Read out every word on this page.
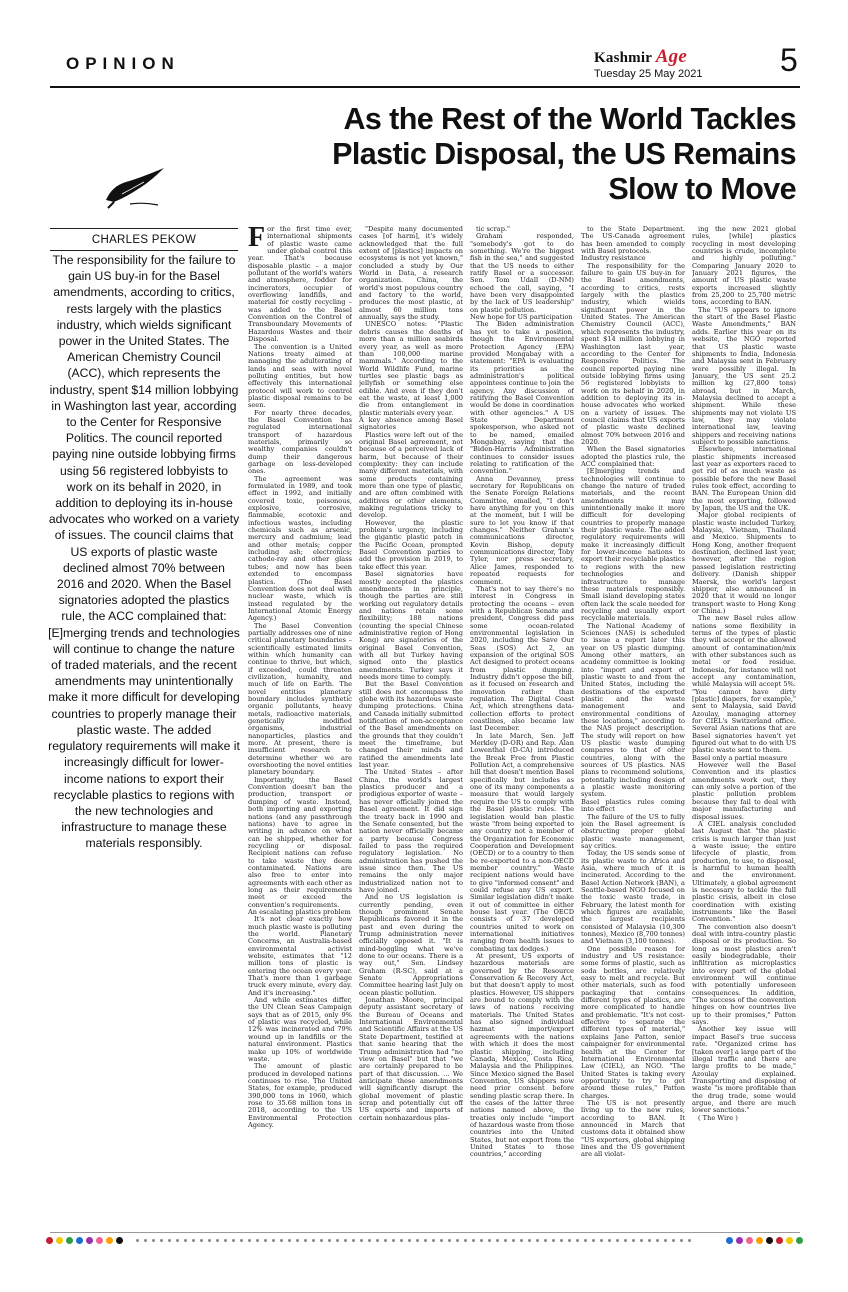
OPINION	Kashmir Age
Tuesday 25 May 2021 5
As the Rest of the World Tackles Plastic Disposal, the US Remains Slow to Move
CHARLES PEKOW
The responsibility for the failure to gain US buy-in for the Basel amendments, according to critics, rests largely with the plastics industry, which wields significant power in the United States. The American Chemistry Council (ACC), which represents the industry, spent $14 million lobbying in Washington last year, according to the Center for Responsive Politics. The council reported paying nine outside lobbying firms using 56 registered lobbyists to work on its behalf in 2020, in addition to deploying its in-house advocates who worked on a variety of issues. The council claims that US exports of plastic waste declined almost 70% between 2016 and 2020. When the Basel signatories adopted the plastics rule, the ACC complained that: [E]merging trends and technologies will continue to change the nature of traded materials, and the recent amendments may unintentionally make it more difficult for developing countries to properly manage their plastic waste. The added regulatory requirements will make it increasingly difficult for lower-income nations to export their recyclable plastics to regions with the new technologies and infrastructure to manage these materials responsibly.

For the first time ever, international shipments of plastic waste came under global control this year. That's because disposable plastic – a major pollutant of the world's waters and atmosphere, fodder for incinerators, occupier of overflowing landfills, and material for costly recycling – was added to the Basel Convention on the Control of Transboundary Movements of Hazardous Wastes and their Disposal.

The convention is a United Nations treaty aimed at managing the adulterating of lands and seas with novel polluting entities, but how effectively this international protocol will work to control plastic disposal remains to be seen.

For nearly three decades, the Basel Convention has regulated international transport of hazardous materials, primarily so wealthy companies couldn't dump their dangerous garbage on less-developed ones.

The agreement was formulated in 1989, and took effect in 1992, and initially covered toxic, poisonous, explosive, corrosive, flammable, ecotoxic and infectious wastes, including chemicals such as arsenic, mercury and cadmium; lead and other metals; copper including ash; electronics; cathode-ray and other glass tubes; and now has been extended to encompass plastics. (The Basel Convention does not deal with nuclear waste, which is instead regulated by the International Atomic Energy Agency.)

The Basel Convention partially addresses one of nine critical planetary boundaries – scientifically estimated limits within which humanity can continue to thrive, but which, if exceeded, could threaten civilization, humanity, and much of life on Earth. The novel entities planetary boundary includes synthetic organic pollutants, heavy metals, radioactive materials, genetically modified organisms, industrial nanoparticles, plastics and more. At present, there is insufficient research to determine whether we are overshooting the novel entities planetary boundary.

Importantly, the Basel Convention doesn't ban the production, transport or dumping of waste. Instead, both importing and exporting nations (and any passthrough nations) have to agree in writing in advance on what can be shipped, whether for recycling or disposal. Recipient nations can refuse to take waste they deem contaminated. Nations are also free to enter into agreements with each other as long as their requirements meet or exceed the convention's requirements.

An escalating plastics problem

It's not clear exactly how much plastic waste is polluting the world. Planetary Concerns, an Australia-based environmental activist website, estimates that "12 million tons of plastic is entering the ocean every year. That's more than 1 garbage truck every minute, every day. And it's increasing."

And while estimates differ, the UN Clean Seas Campaign says that as of 2015, only 9% of plastic was recycled, while 12% was incinerated and 79% wound up in landfills or the natural environment. Plastics make up 10% of worldwide waste.

The amount of plastic produced in developed nations continues to rise. The United States, for example, produced 390,000 tons in 1960, which rose to 35.68 million tons in 2018, according to the US Environmental Protection Agency.

"Despite many documented cases [of harm], it's widely acknowledged that the full extent of [plastics] impacts on ecosystems is not yet known," concluded a study by Our World in Data, a research organization. China, the world's most populous country and factory to the world, produces the most plastic, at almost 60 million tons annually, says the study.

UNESCO notes: "Plastic debris causes the deaths of more than a million seabirds every year, as well as more than 100,000 marine mammals." According to the World Wildlife Fund, marine turtles see plastic bags as jellyfish or something else edible. And even if they don't eat the waste, at least 1,000 die from entanglement in plastic materials every year.

A key absence among Basel signatories

Plastics were left out of the original Basel agreement, not because of a perceived lack of harm, but because of their complexity: they can include many different materials, with some products containing more than one type of plastic, and are often combined with additives or other elements, making regulations tricky to develop.

However, the plastic problem's urgency, including the gigantic plastic patch in the Pacific Ocean, prompted Basel Convention parties to add the provision in 2019, to take effect this year.

Basel signatories have mostly accepted the plastics amendments in principle, though the parties are still working out regulatory details and nations retain some flexibility; 188 nations (counting the special Chinese administrative region of Hong Kong) are signatories of the original Basel Convention, with all but Turkey having signed onto the plastics amendments. Turkey says it needs more time to comply.

But the Basel Convention still does not encompass the globe with its hazardous waste dumping protections. China and Canada initially submitted notification of non-acceptance of the Basel amendments on the grounds that they couldn't meet the timeframe, but changed their minds and ratified the amendments late last year.

The United States – after China, the world's largest plastics producer and a prodigious exporter of waste – has never officially joined the Basel agreement. It did sign the treaty back in 1990 and the Senate consented, but the nation never officially became a party because Congress failed to pass the required regulatory legislation. No administration has pushed the issue since then. The US remains the only major industrialized nation not to have joined.

And no US legislation is currently pending, even though prominent Senate Republicans favored it in the past and even during the Trump administration never officially opposed it. "It is mind-boggling what we've done to our oceans. There is a way out," Sen. Lindsey Graham (R-SC), said at a Senate Appropriations Committee hearing last July on ocean plastic pollution.

Jonathan Moore, principal deputy assistant secretary of the Bureau of Oceans and International Environmental and Scientific Affairs at the US State Department, testified at that same hearing that the Trump administration had "no view on Basel" but that "we are certainly prepared to be part of that discussion. ... We anticipate these amendments will significantly disrupt the global movement of plastic scrap and potentially cut off US exports and imports of certain nonhazardous plas-

tic scrap."

Graham responded, "somebody's got to do something. We're the biggest fish in the sea," and suggested that the US needs to either ratify Basel or a successor. Sen. Tom Udall (D-NM) echoed the call, saying, "I have been very disappointed by the lack of US leadership" on plastic pollution.

New hope for US participation

The Biden administration has yet to take a position, though the Environmental Protection Agency (EPA) provided Mongabay with a statement: "EPA is evaluating its priorities as the administration's political appointees continue to join the agency. Any discussion of ratifying the Basel Convention would be done in coordination with other agencies." A US State Department spokesperson, who asked not to be named, emailed Mongabay, saying that the "Biden-Harris Administration continues to consider issues relating to ratification of the convention."

Anna Devanney, press secretary for Republicans on the Senate Foreign Relations Committee, emailed, "I don't have anything for you on this at the moment, but I will be sure to let you know if that changes." Neither Graham's communications director, Kevin Bishop, deputy communications director, Toby Tyler, nor press secretary, Alice James, responded to repeated requests for comment.

That's not to say there's no interest in Congress in protecting the oceans – even with a Republican Senate and president, Congress did pass some ocean-related environmental legislation in 2020, including the Save Our Seas (SOS) Act 2, an expansion of the original SOS Act designed to protect oceans from plastic dumping. Industry didn't oppose the bill, as it focused on research and innovation rather than regulation. The Digital Coast Act, which strengthens data-collection efforts to protect coastlines, also became law last December.

In late March, Sen. Jeff Merkley (D-OR) and Rep. Alan Lowenthal (D-CA) introduced the Break Free from Plastic Pollution Act, a comprehensive bill that doesn't mention Basel specifically but includes as one of its many components a measure that would largely require the US to comply with the Basel plastic rules. The legislation would ban plastic waste "from being exported to any country not a member of the Organization for Economic Cooperation and Development (OECD) or to a country to then be re-exported to a non-OECD member country." Waste recipient nations would have to give "informed consent" and could refuse any US export. Similar legislation didn't make it out of committee in either house last year. (The OECD consists of 37 developed countries united to work on international initiatives ranging from health issues to combating tax dodges.)

At present, US exports of hazardous materials are governed by the Resource Conservation & Recovery Act, but that doesn't apply to most plastics. However, US shippers are bound to comply with the laws of nations receiving materials. The United States has also signed individual hazmat import/export agreements with the nations with which it does the most plastic shipping, including Canada, Mexico, Costa Rica, Malaysia and the Philippines. Since Mexico signed the Basel Convention, US shippers now need prior consent before sending plastic scrap there. In the cases of the latter three nations named above, the treaties only include "import of hazardous waste from those countries into the United States, but not export from the United States to those countries," according

to the State Department. The US-Canada agreement has been amended to comply with Basel protocols.

Industry resistance

The responsibility for the failure to gain US buy-in for the Basel amendments, according to critics, rests largely with the plastics industry, which wields significant power in the United States. The American Chemistry Council (ACC), which represents the industry, spent $14 million lobbying in Washington last year, according to the Center for Responsive Politics. The council reported paying nine outside lobbying firms using 56 registered lobbyists to work on its behalf in 2020, in addition to deploying its in-house advocates who worked on a variety of issues. The council claims that US exports of plastic waste declined almost 70% between 2016 and 2020.

When the Basel signatories adopted the plastics rule, the ACC complained that:

[E]merging trends and technologies will continue to change the nature of traded materials, and the recent amendments may unintentionally make it more difficult for developing countries to properly manage their plastic waste. The added regulatory requirements will make it increasingly difficult for lower-income nations to export their recyclable plastics to regions with the new technologies and infrastructure to manage these materials responsibly. Small island developing states often lack the scale needed for recycling and usually export recyclable materials.

The National Academy of Sciences (NAS) is scheduled to issue a report later this year on US plastic dumping. Among other matters, an academy committee is looking into "import and export of plastic waste to and from the United States, including the destinations of the exported plastic and the waste management and environmental conditions of these locations," according to the NAS project description. The study will report on how US plastic waste dumping compares to that of other countries, along with the sources of US plastics. NAS plans to recommend solutions, potentially including design of a plastic waste monitoring system.

Basel plastics rules coming into effect

The failure of the US to fully join the Basel agreement is obstructing proper global plastic waste management, say critics.

Today, the US sends some of its plastic waste to Africa and Asia, where much of it is incinerated. According to the Basel Action Network (BAN), a Seattle-based NGO focused on the toxic waste trade, in February, the latest month for which figures are available, the largest recipients consisted of Malaysia (10,300 tonnes), Mexico (8,700 tonnes) and Vietnam (3,100 tonnes).

One possible reason for industry and US resistance: some forms of plastic, such as soda bottles, are relatively easy to melt and recycle. But other materials, such as food packaging that contains different types of plastics, are more complicated to handle and problematic. "It's not cost-effective to separate the different types of material," explains Jane Patton, senior campaigner for environmental health at the Center for International Environmental Law (CIEL), an NGO. "The United States is taking every opportunity to try to get around these rules," Patton charges.

The US is not presently living up to the new rules, according to BAN. It announced in March that customs data it obtained show "US exporters, global shipping lines and the US government are all violat-

ing the new 2021 global rules, [while] plastics recycling in most developing countries is crude, incomplete and highly polluting." Comparing January 2020 to January 2021 figures, the amount of US plastic waste exports increased slightly from 25,200 to 25,700 metric tons, according to BAN.

The "US appears to ignore the start of the Basel Plastic Waste Amendments," BAN adds. Earlier this year on its website, the NGO reported that US plastic waste shipments to India, Indonesia and Malaysia sent in February were possibly illegal. In January, the US sent 25.2 million kg (27,800 tons) abroad, but in March, Malaysia declined to accept a shipment. While these shipments may not violate US law, they may violate international law, leaving shippers and receiving nations subject to possible sanctions.

Elsewhere, international plastic shipments increased last year as exporters raced to get rid of as much waste as possible before the new Basel rules took effect, according to BAN. The European Union did the most exporting, followed by Japan, the US and the UK.

Major global recipients of plastic waste included Turkey, Malaysia, Vietnam, Thailand and Mexico. Shipments to Hong Kong, another frequent destination, declined last year, however, after the region passed legislation restricting delivery. (Danish shipper Maersk, the world's largest shipper, also announced in 2020 that it would no longer transport waste to Hong Kong or China.)

The new Basel rules allow nations some flexibility in terms of the types of plastic they will accept or the allowed amount of contamination/mix with other substances such as metal or food residue. Indonesia, for instance will not accept any contamination, while Malaysia will accept 5%. "You cannot have dirty [plastic] diapers, for example," sent to Malaysia, said David Azoulay, managing attorney for CIEL's Switzerland office. Several Asian nations that are Basel signatories haven't yet figured out what to do with US plastic waste sent to them.

Basel only a partial measure

However well the Basel Convention and its plastics amendments work out, they can only solve a portion of the plastic pollution problem because they fail to deal with major manufacturing and disposal issues.

A CIEL analysis concluded last August that "the plastic crisis is much larger than just a waste issue; the entire lifecycle of plastic, from production, to use, to disposal, is harmful to human health and the environment. Ultimately, a global agreement is necessary to tackle the full plastic crisis, albeit in close coordination with existing instruments like the Basel Convention."

The convention also doesn't deal with intra-country plastic disposal or its production. So long as most plastics aren't easily biodegradable, their infiltration as microplastics into every part of the global environment will continue with potentially unforeseen consequences. In addition, "The success of the convention hinges on how countries live up to their promises," Patton says.

Another key issue will impact Basel's true success rate. "Organized crime has [taken over] a large part of the illegal traffic and there are large profits to be made," Azoulay explained. Transporting and disposing of waste "is more profitable than the drug trade, some would argue, and there are much lower sanctions."

( The Wire )
